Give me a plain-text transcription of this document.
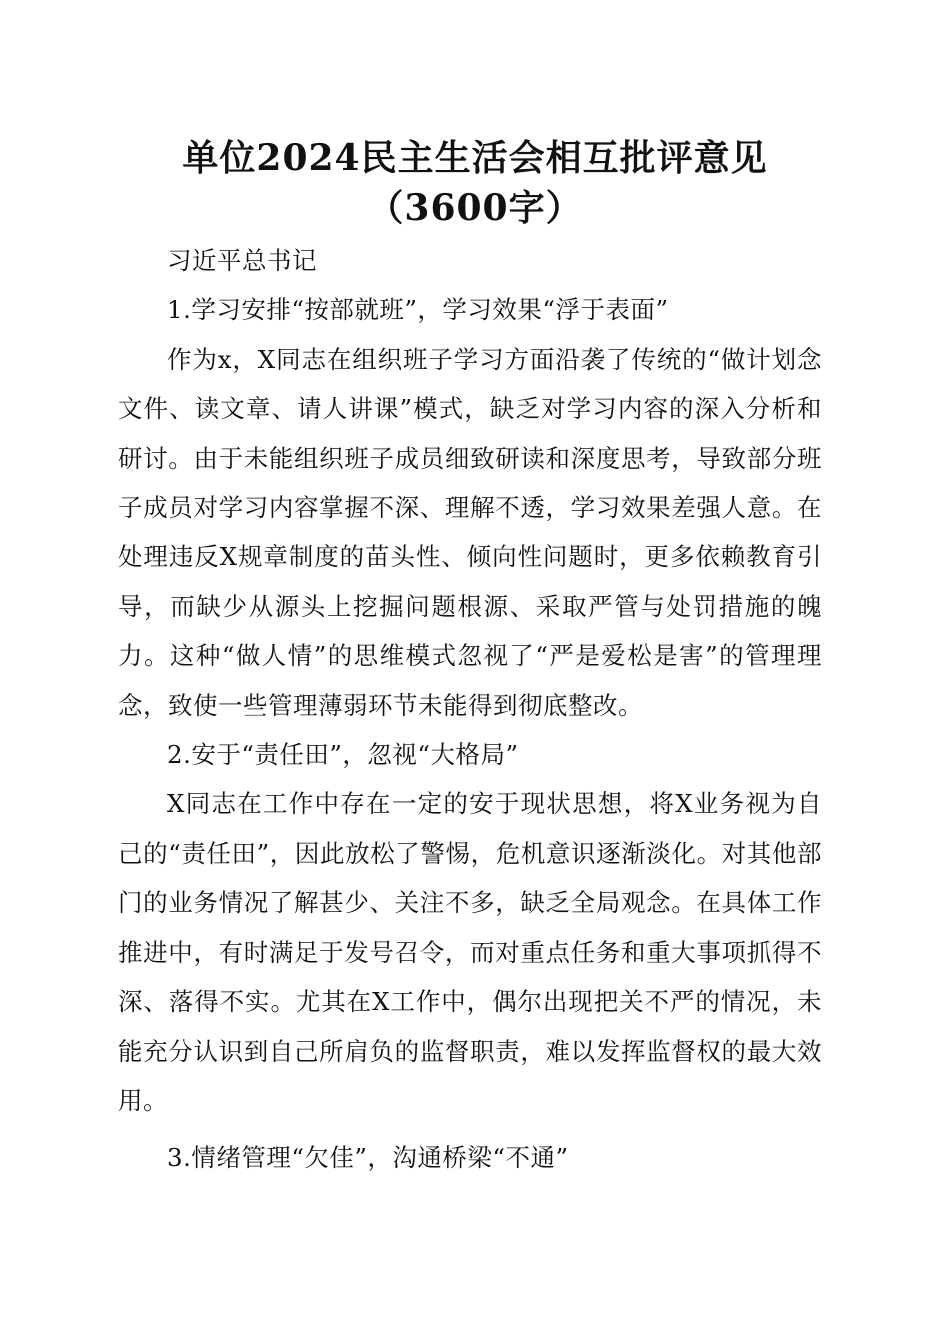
单位2024民主生活会相互批评意见（3600字）

习近平总书记

1.学习安排“按部就班”，学习效果“浮于表面”

作为x，X同志在组织班子学习方面沿袭了传统的“做计划念文件、读文章、请人讲课”模式，缺乏对学习内容的深入分析和研讨。由于未能组织班子成员细致研读和深度思考，导致部分班子成员对学习内容掌握不深、理解不透，学习效果差强人意。在处理违反X规章制度的苗头性、倾向性问题时，更多依赖教育引导，而缺少从源头上挖掘问题根源、采取严管与处罚措施的魄力。这种“做人情”的思维模式忽视了“严是爱松是害”的管理理念，致使一些管理薄弱环节未能得到彻底整改。

2.安于“责任田”，忽视“大格局”

X同志在工作中存在一定的安于现状思想，将X业务视为自己的“责任田”，因此放松了警惕，危机意识逐渐淡化。对其他部门的业务情况了解甚少、关注不多，缺乏全局观念。在具体工作推进中，有时满足于发号召令，而对重点任务和重大事项抓得不深、落得不实。尤其在X工作中，偶尔出现把关不严的情况，未能充分认识到自己所肩负的监督职责，难以发挥监督权的最大效用。

3.情绪管理“欠佳”，沟通桥梁“不通”
